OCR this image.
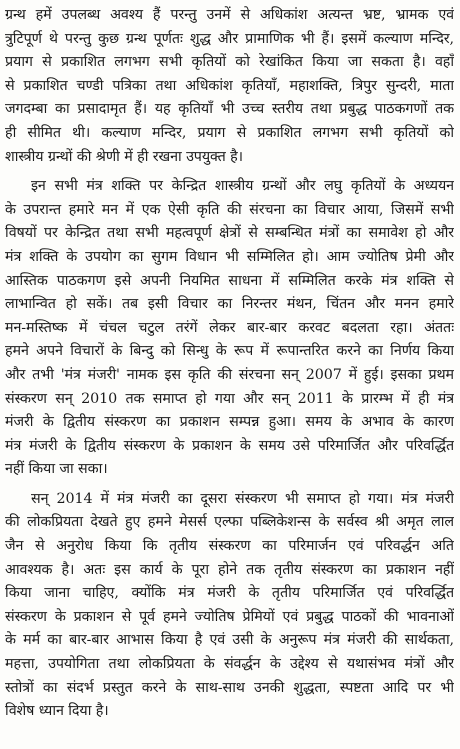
ग्रन्थ हमें उपलब्ध अवश्य हैं परन्तु उनमें से अधिकांश अत्यन्त भ्रष्ट, भ्रामक एवं
त्रुटिपूर्ण थे परन्तु कुछ ग्रन्थ पूर्णतः शुद्ध और प्रामाणिक भी हैं। इसमें कल्याण मन्दिर,
प्रयाग से प्रकाशित लगभग सभी कृतियों को रेखांकित किया जा सकता है। वहाँ
से प्रकाशित चण्डी पत्रिका तथा अधिकांश कृतियाँ, महाशक्ति, त्रिपुर सुन्दरी, माता
जगदम्बा का प्रसादामृत हैं। यह कृतियाँ भी उच्च स्तरीय तथा प्रबुद्ध पाठकगणों तक
ही सीमित थी। कल्याण मन्दिर, प्रयाग से प्रकाशित लगभग सभी कृतियों को
शास्त्रीय ग्रन्थों की श्रेणी में ही रखना उपयुक्त है।

इन सभी मंत्र शक्ति पर केन्द्रित शास्त्रीय ग्रन्थों और लघु कृतियों के अध्ययन
के उपरान्त हमारे मन में एक ऐसी कृति की संरचना का विचार आया, जिसमें सभी
विषयों पर केन्द्रित तथा सभी महत्वपूर्ण क्षेत्रों से सम्बन्धित मंत्रों का समावेश हो और
मंत्र शक्ति के उपयोग का सुगम विधान भी सम्मिलित हो। आम ज्योतिष प्रेमी और
आस्तिक पाठकगण इसे अपनी नियमित साधना में सम्मिलित करके मंत्र शक्ति से
लाभान्वित हो सकें। तब इसी विचार का निरन्तर मंथन, चिंतन और मनन हमारे
मन-मस्तिष्क में चंचल चटुल तरंगें लेकर बार-बार करवट बदलता रहा। अंततः
हमने अपने विचारों के बिन्दु को सिन्धु के रूप में रूपान्तरित करने का निर्णय किया
और तभी 'मंत्र मंजरी' नामक इस कृति की संरचना सन् 2007 में हुई। इसका प्रथम
संस्करण सन् 2010 तक समाप्त हो गया और सन् 2011 के प्रारम्भ में ही मंत्र
मंजरी के द्वितीय संस्करण का प्रकाशन सम्पन्न हुआ। समय के अभाव के कारण
मंत्र मंजरी के द्वितीय संस्करण के प्रकाशन के समय उसे परिमार्जित और परिवर्द्धित
नहीं किया जा सका।

सन् 2014 में मंत्र मंजरी का दूसरा संस्करण भी समाप्त हो गया। मंत्र मंजरी
की लोकप्रियता देखते हुए हमने मेसर्स एल्फा पब्लिकेशन्स के सर्वस्व श्री अमृत लाल
जैन से अनुरोध किया कि तृतीय संस्करण का परिमार्जन एवं परिवर्द्धन अति
आवश्यक है। अतः इस कार्य के पूरा होने तक तृतीय संस्करण का प्रकाशन नहीं
किया जाना चाहिए, क्योंकि मंत्र मंजरी के तृतीय परिमार्जित एवं परिवर्द्धित
संस्करण के प्रकाशन से पूर्व हमने ज्योतिष प्रेमियों एवं प्रबुद्ध पाठकों की भावनाओं
के मर्म का बार-बार आभास किया है एवं उसी के अनुरूप मंत्र मंजरी की सार्थकता,
महत्ता, उपयोगिता तथा लोकप्रियता के संवर्द्धन के उद्देश्य से यथासंभव मंत्रों और
स्तोत्रों का संदर्भ प्रस्तुत करने के साथ-साथ उनकी शुद्धता, स्पष्टता आदि पर भी
विशेष ध्यान दिया है।
